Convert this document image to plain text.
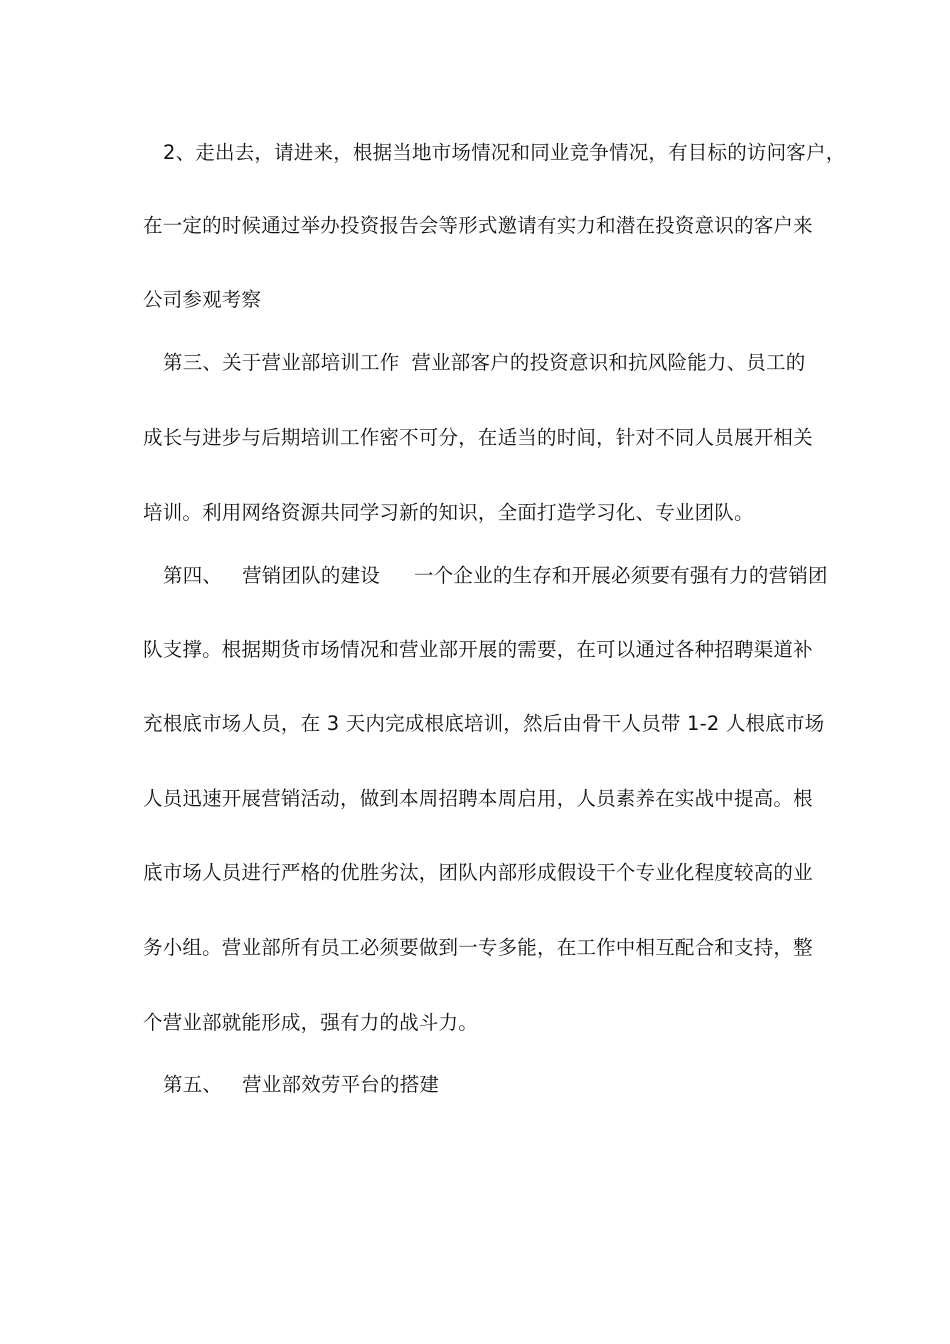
2、走出去，请进来，根据当地市场情况和同业竞争情况，有目标的访问客户，
在一定的时候通过举办投资报告会等形式邀请有实力和潜在投资意识的客户来
公司参观考察
第三、关于营业部培训工作 营业部客户的投资意识和抗风险能力、员工的
成长与进步与后期培训工作密不可分，在适当的时间，针对不同人员展开相关
培训。利用网络资源共同学习新的知识，全面打造学习化、专业团队。
第四、 营销团队的建设 一个企业的生存和开展必须要有强有力的营销团
队支撑。根据期货市场情况和营业部开展的需要，在可以通过各种招聘渠道补
充根底市场人员，在 3 天内完成根底培训，然后由骨干人员带 1-2 人根底市场
人员迅速开展营销活动，做到本周招聘本周启用，人员素养在实战中提高。根
底市场人员进行严格的优胜劣汰，团队内部形成假设干个专业化程度较高的业
务小组。营业部所有员工必须要做到一专多能，在工作中相互配合和支持，整
个营业部就能形成，强有力的战斗力。
第五、 营业部效劳平台的搭建
